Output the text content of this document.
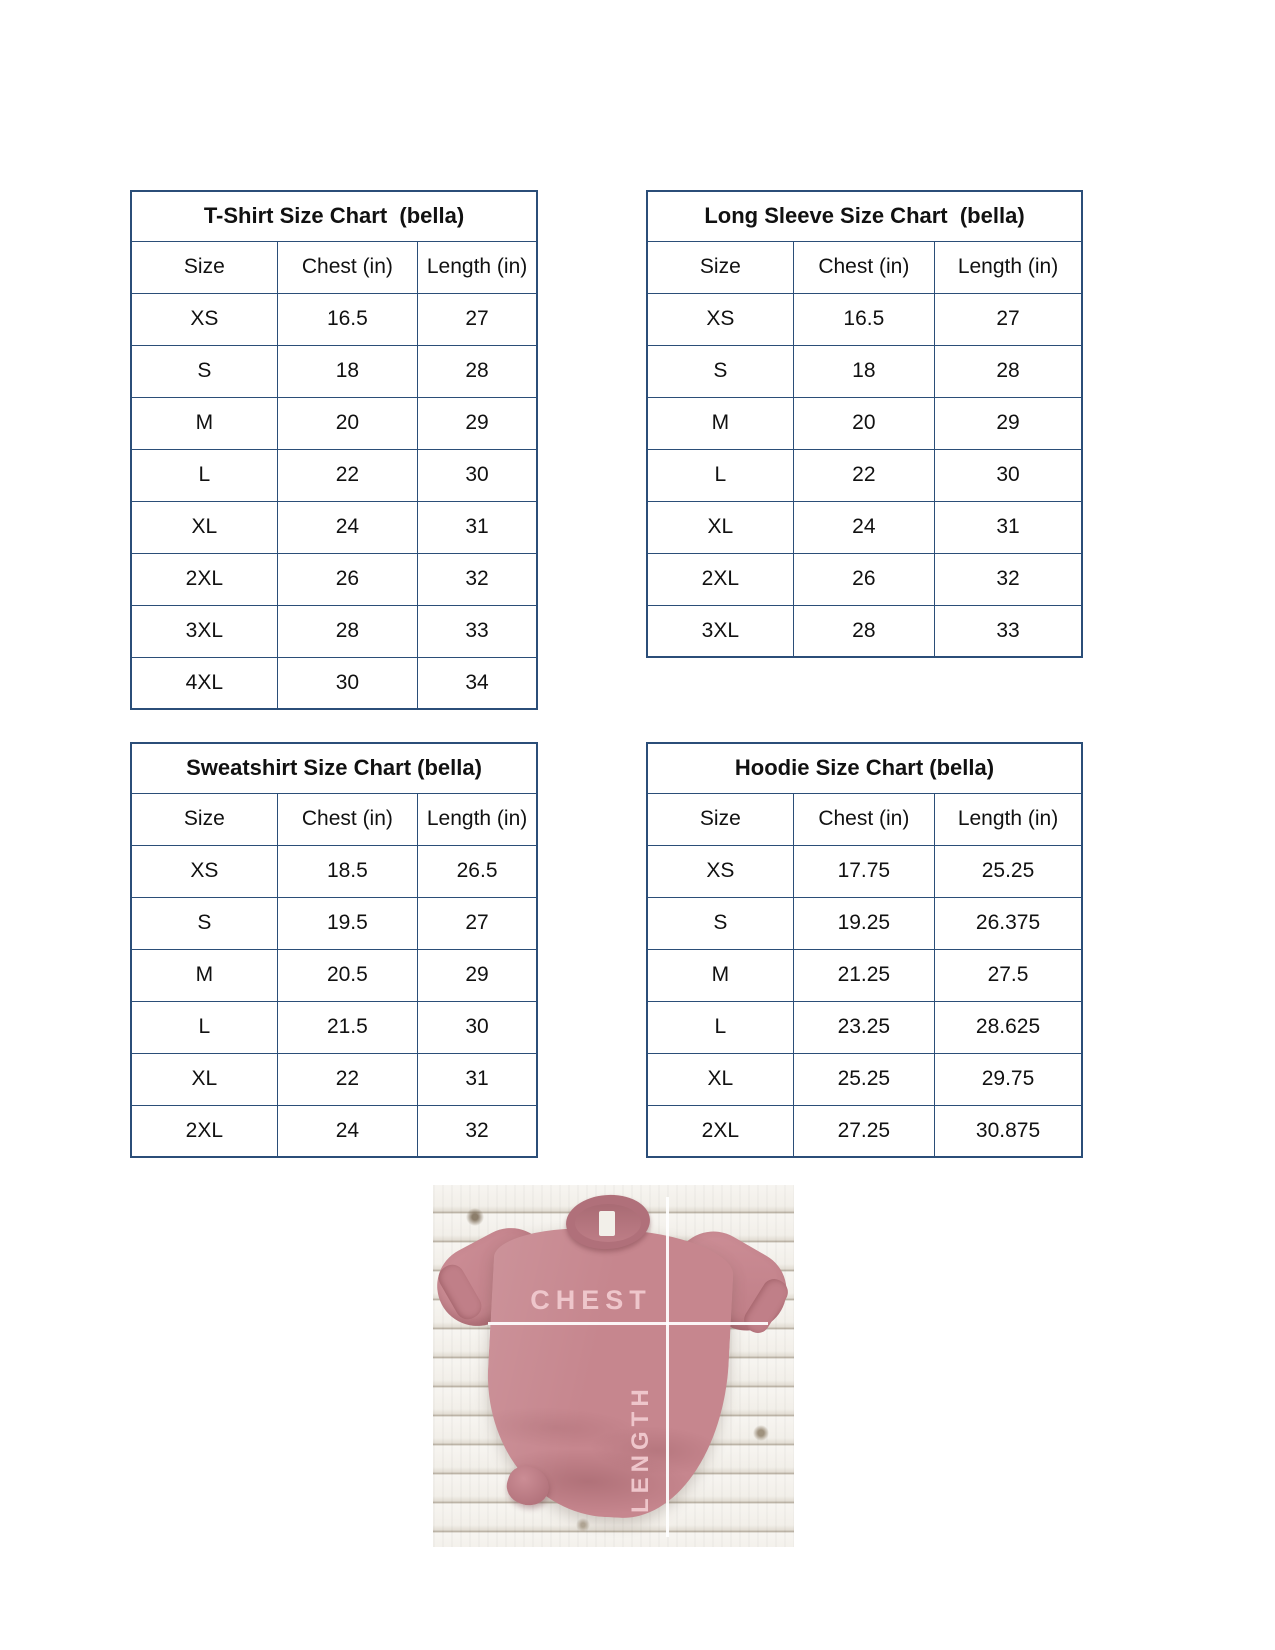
T-Shirt Size Chart  (bella)		
Size	Chest (in)	Length (in)
XS	16.5	27
S	18	28
M	20	29
L	22	30
XL	24	31
2XL	26	32
3XL	28	33
4XL	30	34
Long Sleeve Size Chart  (bella)		
Size	Chest (in)	Length (in)
XS	16.5	27
S	18	28
M	20	29
L	22	30
XL	24	31
2XL	26	32
3XL	28	33
Sweatshirt Size Chart (bella)		
Size	Chest (in)	Length (in)
XS	18.5	26.5
S	19.5	27
M	20.5	29
L	21.5	30
XL	22	31
2XL	24	32
Hoodie Size Chart (bella)		
Size	Chest (in)	Length (in)
XS	17.75	25.25
S	19.25	26.375
M	21.25	27.5
L	23.25	28.625
XL	25.25	29.75
2XL	27.25	30.875
CHEST
LENGTH
